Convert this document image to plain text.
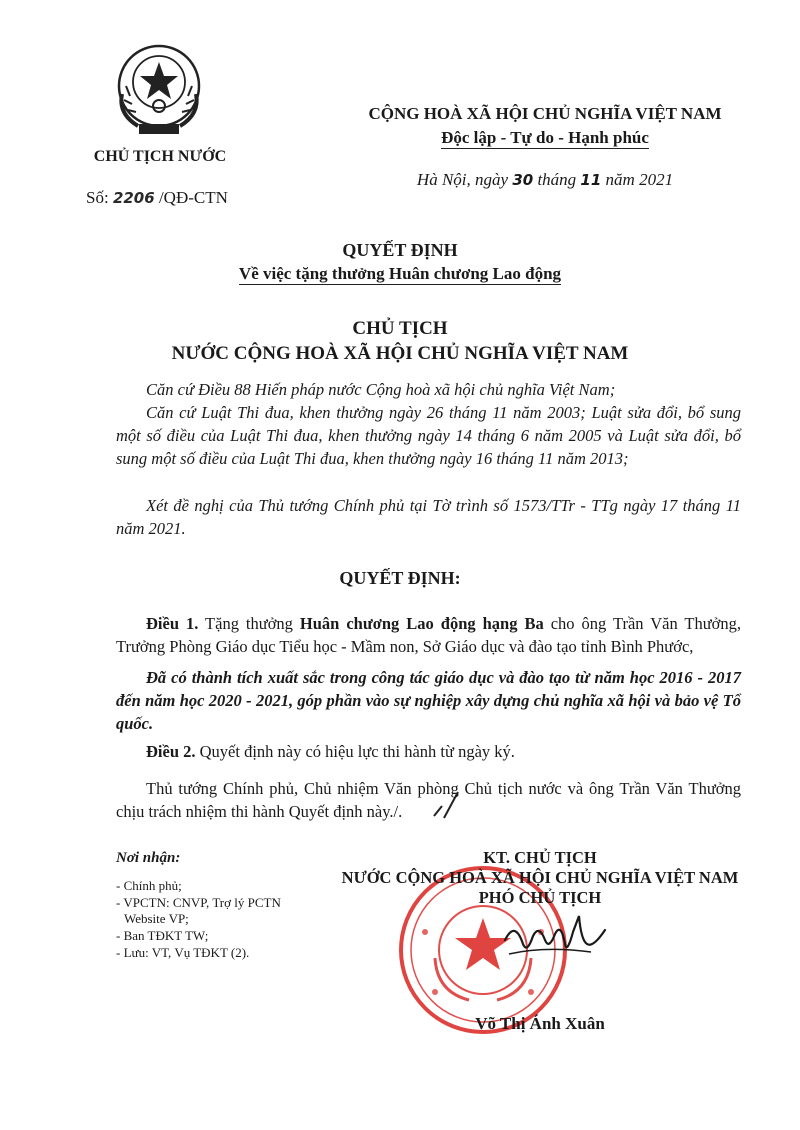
CHỦ TỊCH NƯỚC
Số: 2206 /QĐ-CTN
CỘNG HOÀ XÃ HỘI CHỦ NGHĨA VIỆT NAM
Độc lập - Tự do - Hạnh phúc
Hà Nội, ngày 30 tháng 11 năm 2021
QUYẾT ĐỊNH
Về việc tặng thưởng Huân chương Lao động
CHỦ TỊCH
NƯỚC CỘNG HOÀ XÃ HỘI CHỦ NGHĨA VIỆT NAM
Căn cứ Điều 88 Hiến pháp nước Cộng hoà xã hội chủ nghĩa Việt Nam;
Căn cứ Luật Thi đua, khen thưởng ngày 26 tháng 11 năm 2003; Luật sửa đổi, bổ sung một số điều của Luật Thi đua, khen thưởng ngày 14 tháng 6 năm 2005 và Luật sửa đổi, bổ sung một số điều của Luật Thi đua, khen thưởng ngày 16 tháng 11 năm 2013;
Xét đề nghị của Thủ tướng Chính phủ tại Tờ trình số 1573/TTr - TTg ngày 17 tháng 11 năm 2021.
QUYẾT ĐỊNH:
Điều 1. Tặng thưởng Huân chương Lao động hạng Ba cho ông Trần Văn Thưởng, Trưởng Phòng Giáo dục Tiểu học - Mầm non, Sở Giáo dục và đào tạo tỉnh Bình Phước,
Đã có thành tích xuất sắc trong công tác giáo dục và đào tạo từ năm học 2016 - 2017 đến năm học 2020 - 2021, góp phần vào sự nghiệp xây dựng chủ nghĩa xã hội và bảo vệ Tổ quốc.
Điều 2. Quyết định này có hiệu lực thi hành từ ngày ký.
Thủ tướng Chính phủ, Chủ nhiệm Văn phòng Chủ tịch nước và ông Trần Văn Thưởng chịu trách nhiệm thi hành Quyết định này./.
Nơi nhận:
- Chính phủ;
- VPCTN: CNVP, Trợ lý PCTN
Website VP;
- Ban TĐKT TW;
- Lưu: VT, Vụ TĐKT (2).
KT. CHỦ TỊCH
NƯỚC CỘNG HOÀ XÃ HỘI CHỦ NGHĨA VIỆT NAM
PHÓ CHỦ TỊCH
Võ Thị Ánh Xuân
